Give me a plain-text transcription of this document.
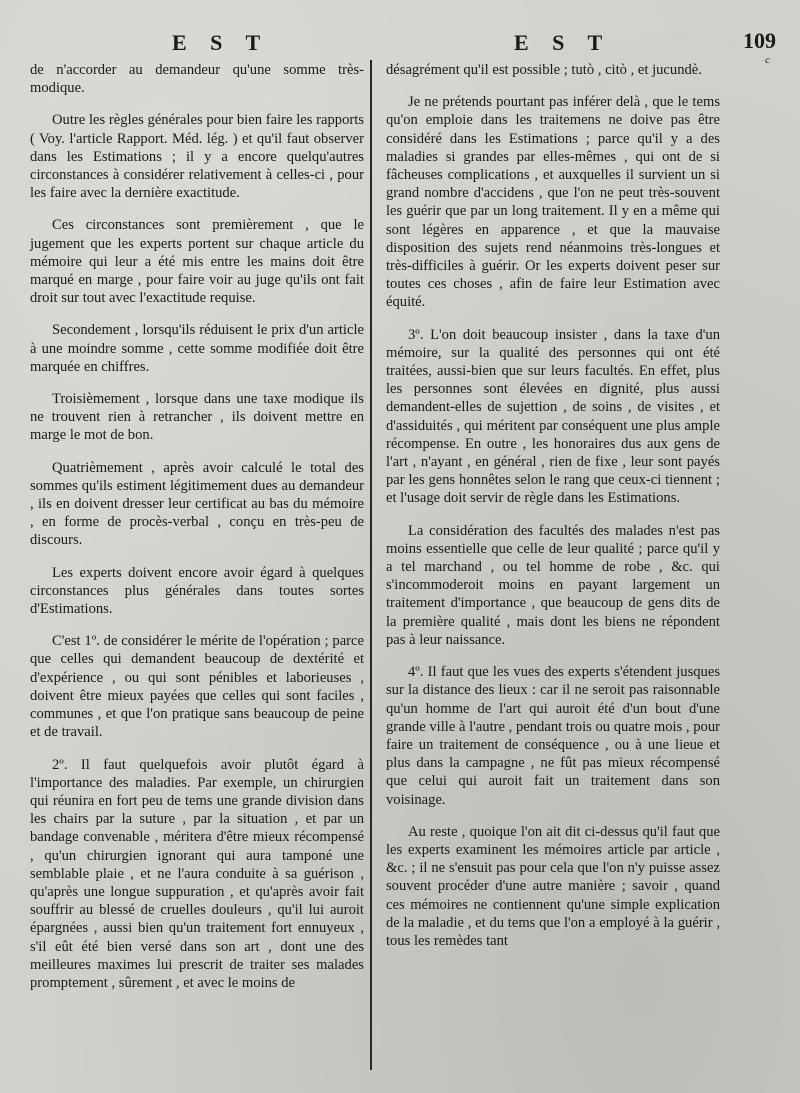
E S T	E S T	109
c

de n'accorder au demandeur qu'une somme très-modique.

Outre les règles générales pour bien faire les rapports ( Voy. l'article Rapport. Méd. lég. ) et qu'il faut observer dans les Estimations ; il y a encore quelqu'autres circonstances à considérer relativement à celles-ci , pour les faire avec la dernière exactitude.

Ces circonstances sont premièrement , que le jugement que les experts portent sur chaque article du mémoire qui leur a été mis entre les mains doit être marqué en marge , pour faire voir au juge qu'ils ont fait droit sur tout avec l'exactitude requise.

Secondement , lorsqu'ils réduisent le prix d'un article à une moindre somme , cette somme modifiée doit être marquée en chiffres.

Troisièmement , lorsque dans une taxe modique ils ne trouvent rien à retrancher , ils doivent mettre en marge le mot de bon.

Quatrièmement , après avoir calculé le total des sommes qu'ils estiment légitimement dues au demandeur , ils en doivent dresser leur certificat au bas du mémoire , en forme de procès-verbal , conçu en très-peu de discours.

Les experts doivent encore avoir égard à quelques circonstances plus générales dans toutes sortes d'Estimations.

C'est 1º. de considérer le mérite de l'opération ; parce que celles qui demandent beaucoup de dextérité et d'expérience , ou qui sont pénibles et laborieuses , doivent être mieux payées que celles qui sont faciles , communes , et que l'on pratique sans beaucoup de peine et de travail.

2º. Il faut quelquefois avoir plutôt égard à l'importance des maladies. Par exemple, un chirurgien qui réunira en fort peu de tems une grande division dans les chairs par la suture , par la situation , et par un bandage convenable , méritera d'être mieux récompensé , qu'un chirurgien ignorant qui aura tamponé une semblable plaie , et ne l'aura conduite à sa guérison , qu'après une longue suppuration , et qu'après avoir fait souffrir au blessé de cruelles douleurs , qu'il lui auroit épargnées , aussi bien qu'un traitement fort ennuyeux , s'il eût été bien versé dans son art , dont une des meilleures maximes lui prescrit de traiter ses malades promptement , sûrement , et avec le moins de

désagrément qu'il est possible ; tutò , citò , et jucundè.

Je ne prétends pourtant pas inférer delà , que le tems qu'on emploie dans les traitemens ne doive pas être considéré dans les Estimations ; parce qu'il y a des maladies si grandes par elles-mêmes , qui ont de si fâcheuses complications , et auxquelles il survient un si grand nombre d'accidens , que l'on ne peut très-souvent les guérir que par un long traitement. Il y en a même qui sont légères en apparence , et que la mauvaise disposition des sujets rend néanmoins très-longues et très-difficiles à guérir. Or les experts doivent peser sur toutes ces choses , afin de faire leur Estimation avec équité.

3º. L'on doit beaucoup insister , dans la taxe d'un mémoire, sur la qualité des personnes qui ont été traitées, aussi-bien que sur leurs facultés. En effet, plus les personnes sont élevées en dignité, plus aussi demandent-elles de sujettion , de soins , de visites , et d'assiduités , qui méritent par conséquent une plus ample récompense. En outre , les honoraires dus aux gens de l'art , n'ayant , en général , rien de fixe , leur sont payés par les gens honnêtes selon le rang que ceux-ci tiennent ; et l'usage doit servir de règle dans les Estimations.

La considération des facultés des malades n'est pas moins essentielle que celle de leur qualité ; parce qu'il y a tel marchand , ou tel homme de robe , &c. qui s'incommoderoit moins en payant largement un traitement d'importance , que beaucoup de gens dits de la première qualité , mais dont les biens ne répondent pas à leur naissance.

4º. Il faut que les vues des experts s'étendent jusques sur la distance des lieux : car il ne seroit pas raisonnable qu'un homme de l'art qui auroit été d'un bout d'une grande ville à l'autre , pendant trois ou quatre mois , pour faire un traitement de conséquence , ou à une lieue et plus dans la campagne , ne fût pas mieux récompensé que celui qui auroit fait un traitement dans son voisinage.

Au reste , quoique l'on ait dit ci-dessus qu'il faut que les experts examinent les mémoires article par article , &c. ; il ne s'ensuit pas pour cela que l'on n'y puisse assez souvent procéder d'une autre manière ; savoir , quand ces mémoires ne contiennent qu'une simple explication de la maladie , et du tems que l'on a employé à la guérir , tous les remèdes tant
